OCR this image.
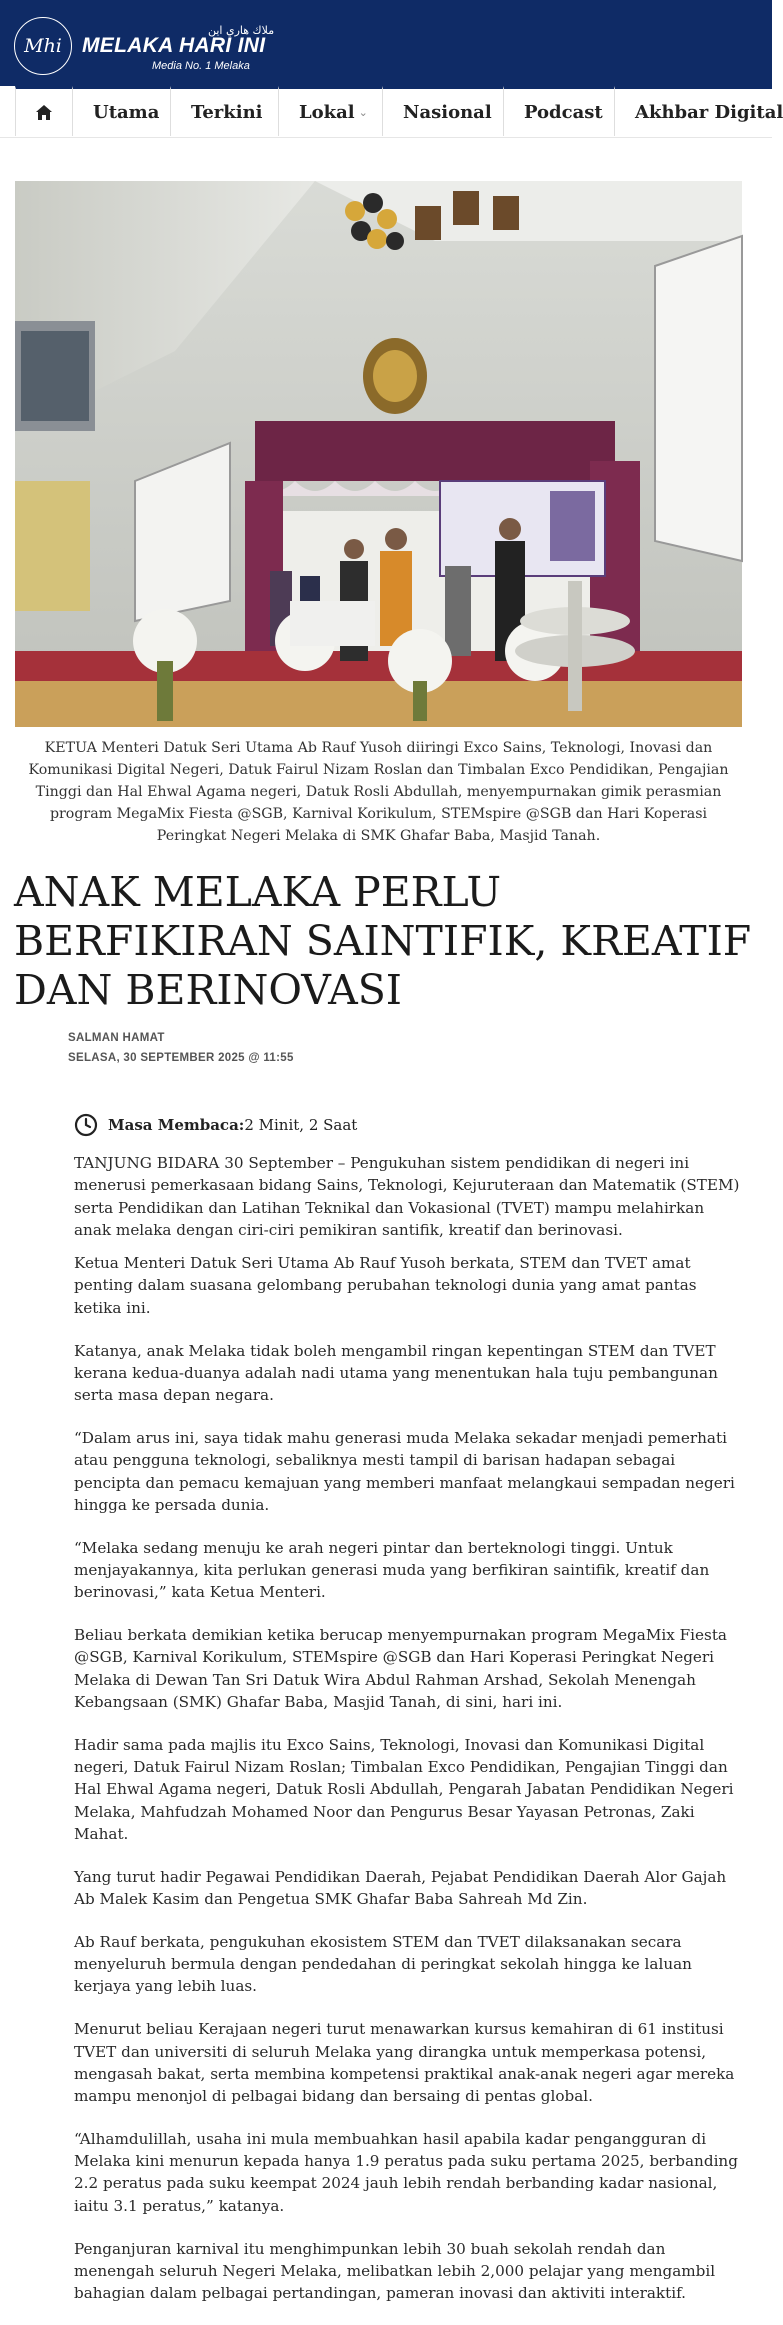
Mhi
ملاك هاري اين
MELAKA HARI INI
Media No. 1 Melaka
Utama Terkini Lokal ⌄ Nasional Podcast Akhbar Digital
KETUA Menteri Datuk Seri Utama Ab Rauf Yusoh diiringi Exco Sains, Teknologi, Inovasi dan Komunikasi Digital Negeri, Datuk Fairul Nizam Roslan dan Timbalan Exco Pendidikan, Pengajian Tinggi dan Hal Ehwal Agama negeri, Datuk Rosli Abdullah, menyempurnakan gimik perasmian program MegaMix Fiesta @SGB, Karnival Korikulum, STEMspire @SGB dan Hari Koperasi Peringkat Negeri Melaka di SMK Ghafar Baba, Masjid Tanah.
ANAK MELAKA PERLU BERFIKIRAN SAINTIFIK, KREATIF DAN BERINOVASI
SALMAN HAMAT
SELASA, 30 SEPTEMBER 2025 @ 11:55
Masa Membaca: 2 Minit, 2 Saat

TANJUNG BIDARA 30 September – Pengukuhan sistem pendidikan di negeri ini menerusi pemerkasaan bidang Sains, Teknologi, Kejuruteraan dan Matematik (STEM) serta Pendidikan dan Latihan Teknikal dan Vokasional (TVET) mampu melahirkan anak melaka dengan ciri-ciri pemikiran santifik, kreatif dan berinovasi.

Ketua Menteri Datuk Seri Utama Ab Rauf Yusoh berkata, STEM dan TVET amat penting dalam suasana gelombang perubahan teknologi dunia yang amat pantas ketika ini.

Katanya, anak Melaka tidak boleh mengambil ringan kepentingan STEM dan TVET kerana kedua-duanya adalah nadi utama yang menentukan hala tuju pembangunan serta masa depan negara.

“Dalam arus ini, saya tidak mahu generasi muda Melaka sekadar menjadi pemerhati atau pengguna teknologi, sebaliknya mesti tampil di barisan hadapan sebagai pencipta dan pemacu kemajuan yang memberi manfaat melangkaui sempadan negeri hingga ke persada dunia.

“Melaka sedang menuju ke arah negeri pintar dan berteknologi tinggi. Untuk menjayakannya, kita perlukan generasi muda yang berfikiran saintifik, kreatif dan berinovasi,” kata Ketua Menteri.

Beliau berkata demikian ketika berucap menyempurnakan program MegaMix Fiesta @SGB, Karnival Korikulum, STEMspire @SGB dan Hari Koperasi Peringkat Negeri Melaka di Dewan Tan Sri Datuk Wira Abdul Rahman Arshad, Sekolah Menengah Kebangsaan (SMK) Ghafar Baba, Masjid Tanah, di sini, hari ini.

Hadir sama pada majlis itu Exco Sains, Teknologi, Inovasi dan Komunikasi Digital negeri, Datuk Fairul Nizam Roslan; Timbalan Exco Pendidikan, Pengajian Tinggi dan Hal Ehwal Agama negeri, Datuk Rosli Abdullah, Pengarah Jabatan Pendidikan Negeri Melaka, Mahfudzah Mohamed Noor dan Pengurus Besar Yayasan Petronas, Zaki Mahat.

Yang turut hadir Pegawai Pendidikan Daerah, Pejabat Pendidikan Daerah Alor Gajah Ab Malek Kasim dan Pengetua SMK Ghafar Baba Sahreah Md Zin.

Ab Rauf berkata, pengukuhan ekosistem STEM dan TVET dilaksanakan secara menyeluruh bermula dengan pendedahan di peringkat sekolah hingga ke laluan kerjaya yang lebih luas.

Menurut beliau Kerajaan negeri turut menawarkan kursus kemahiran di 61 institusi TVET dan universiti di seluruh Melaka yang dirangka untuk memperkasa potensi, mengasah bakat, serta membina kompetensi praktikal anak-anak negeri agar mereka mampu menonjol di pelbagai bidang dan bersaing di pentas global.

“Alhamdulillah, usaha ini mula membuahkan hasil apabila kadar pengangguran di Melaka kini menurun kepada hanya 1.9 peratus pada suku pertama 2025, berbanding 2.2 peratus pada suku keempat 2024 jauh lebih rendah berbanding kadar nasional, iaitu 3.1 peratus,” katanya.

Penganjuran karnival itu menghimpunkan lebih 30 buah sekolah rendah dan menengah seluruh Negeri Melaka, melibatkan lebih 2,000 pelajar yang mengambil bahagian dalam pelbagai pertandingan, pameran inovasi dan aktiviti interaktif.
